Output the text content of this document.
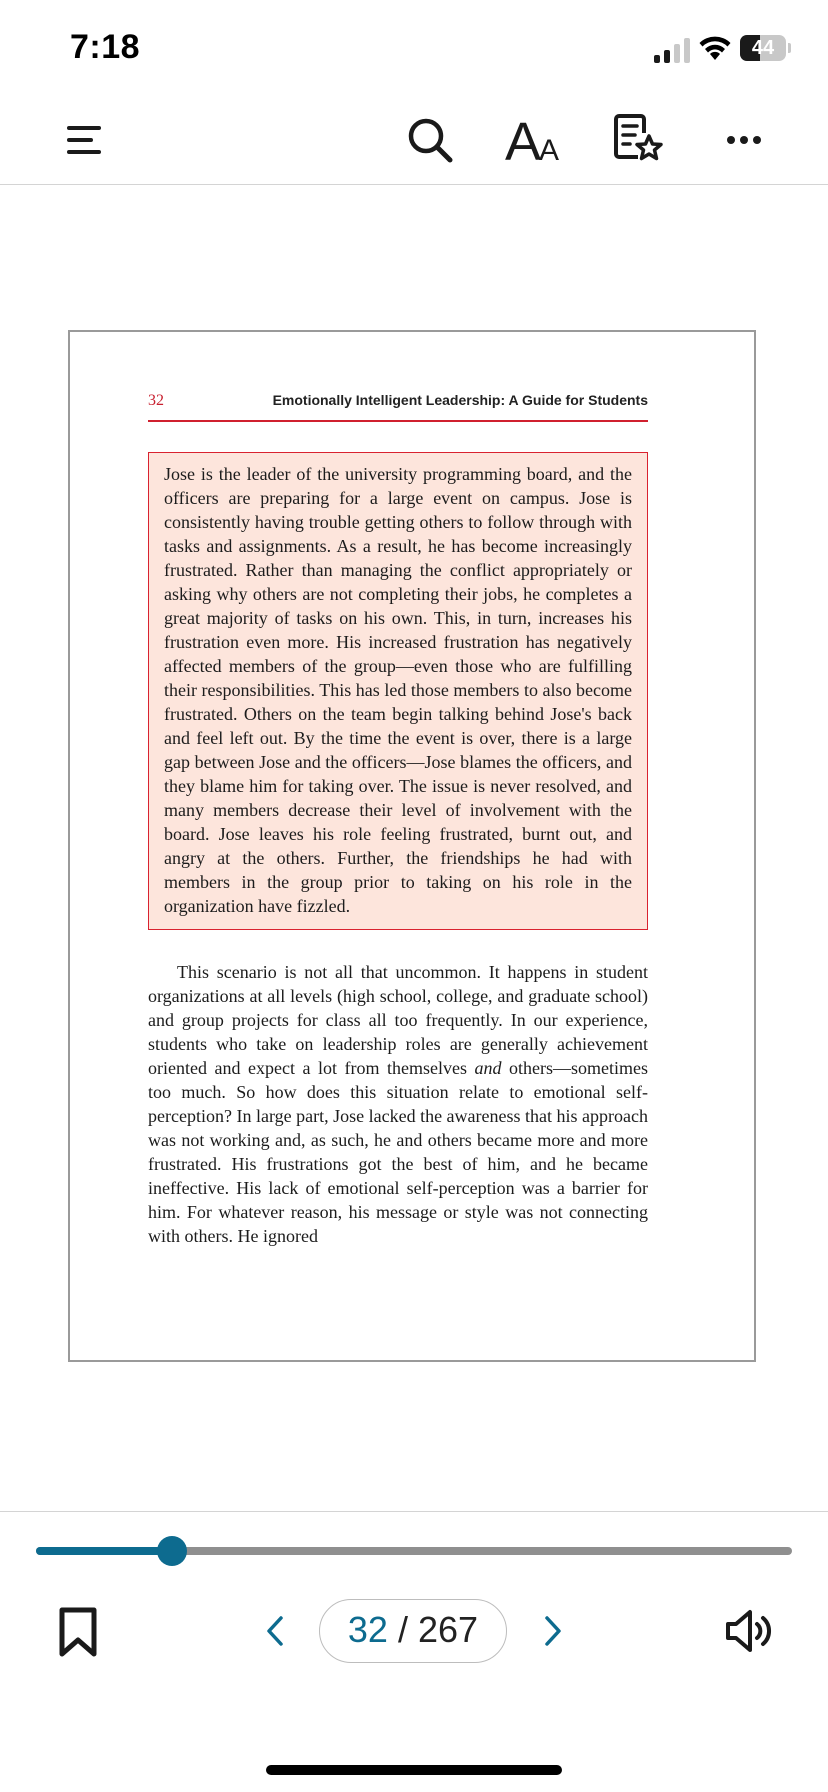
7:18	44
A
A
32	Emotionally Intelligent Leadership: A Guide for Students

Jose is the leader of the university programming board, and the officers are preparing for a large event on campus. Jose is consistently having trouble getting others to follow through with tasks and assignments. As a result, he has become increasingly frustrated. Rather than managing the conflict appropriately or asking why others are not completing their jobs, he completes a great majority of tasks on his own. This, in turn, increases his frustration even more. His increased frustration has negatively affected members of the group—even those who are fulfilling their responsibilities. This has led those members to also become frustrated. Others on the team begin talking behind Jose's back and feel left out. By the time the event is over, there is a large gap between Jose and the officers—Jose blames the officers, and they blame him for taking over. The issue is never resolved, and many members decrease their level of involvement with the board. Jose leaves his role feeling frustrated, burnt out, and angry at the others. Further, the friendships he had with members in the group prior to taking on his role in the organization have fizzled.

This scenario is not all that uncommon. It happens in student organizations at all levels (high school, college, and graduate school) and group projects for class all too frequently. In our experience, students who take on leadership roles are generally achievement oriented and expect a lot from themselves and others—sometimes too much. So how does this situation relate to emotional self-perception? In large part, Jose lacked the awareness that his approach was not working and, as such, he and others became more and more frustrated. His frustrations got the best of him, and he became ineffective. His lack of emotional self-perception was a barrier for him. For whatever reason, his message or style was not connecting with others. He ignored

32 / 267
